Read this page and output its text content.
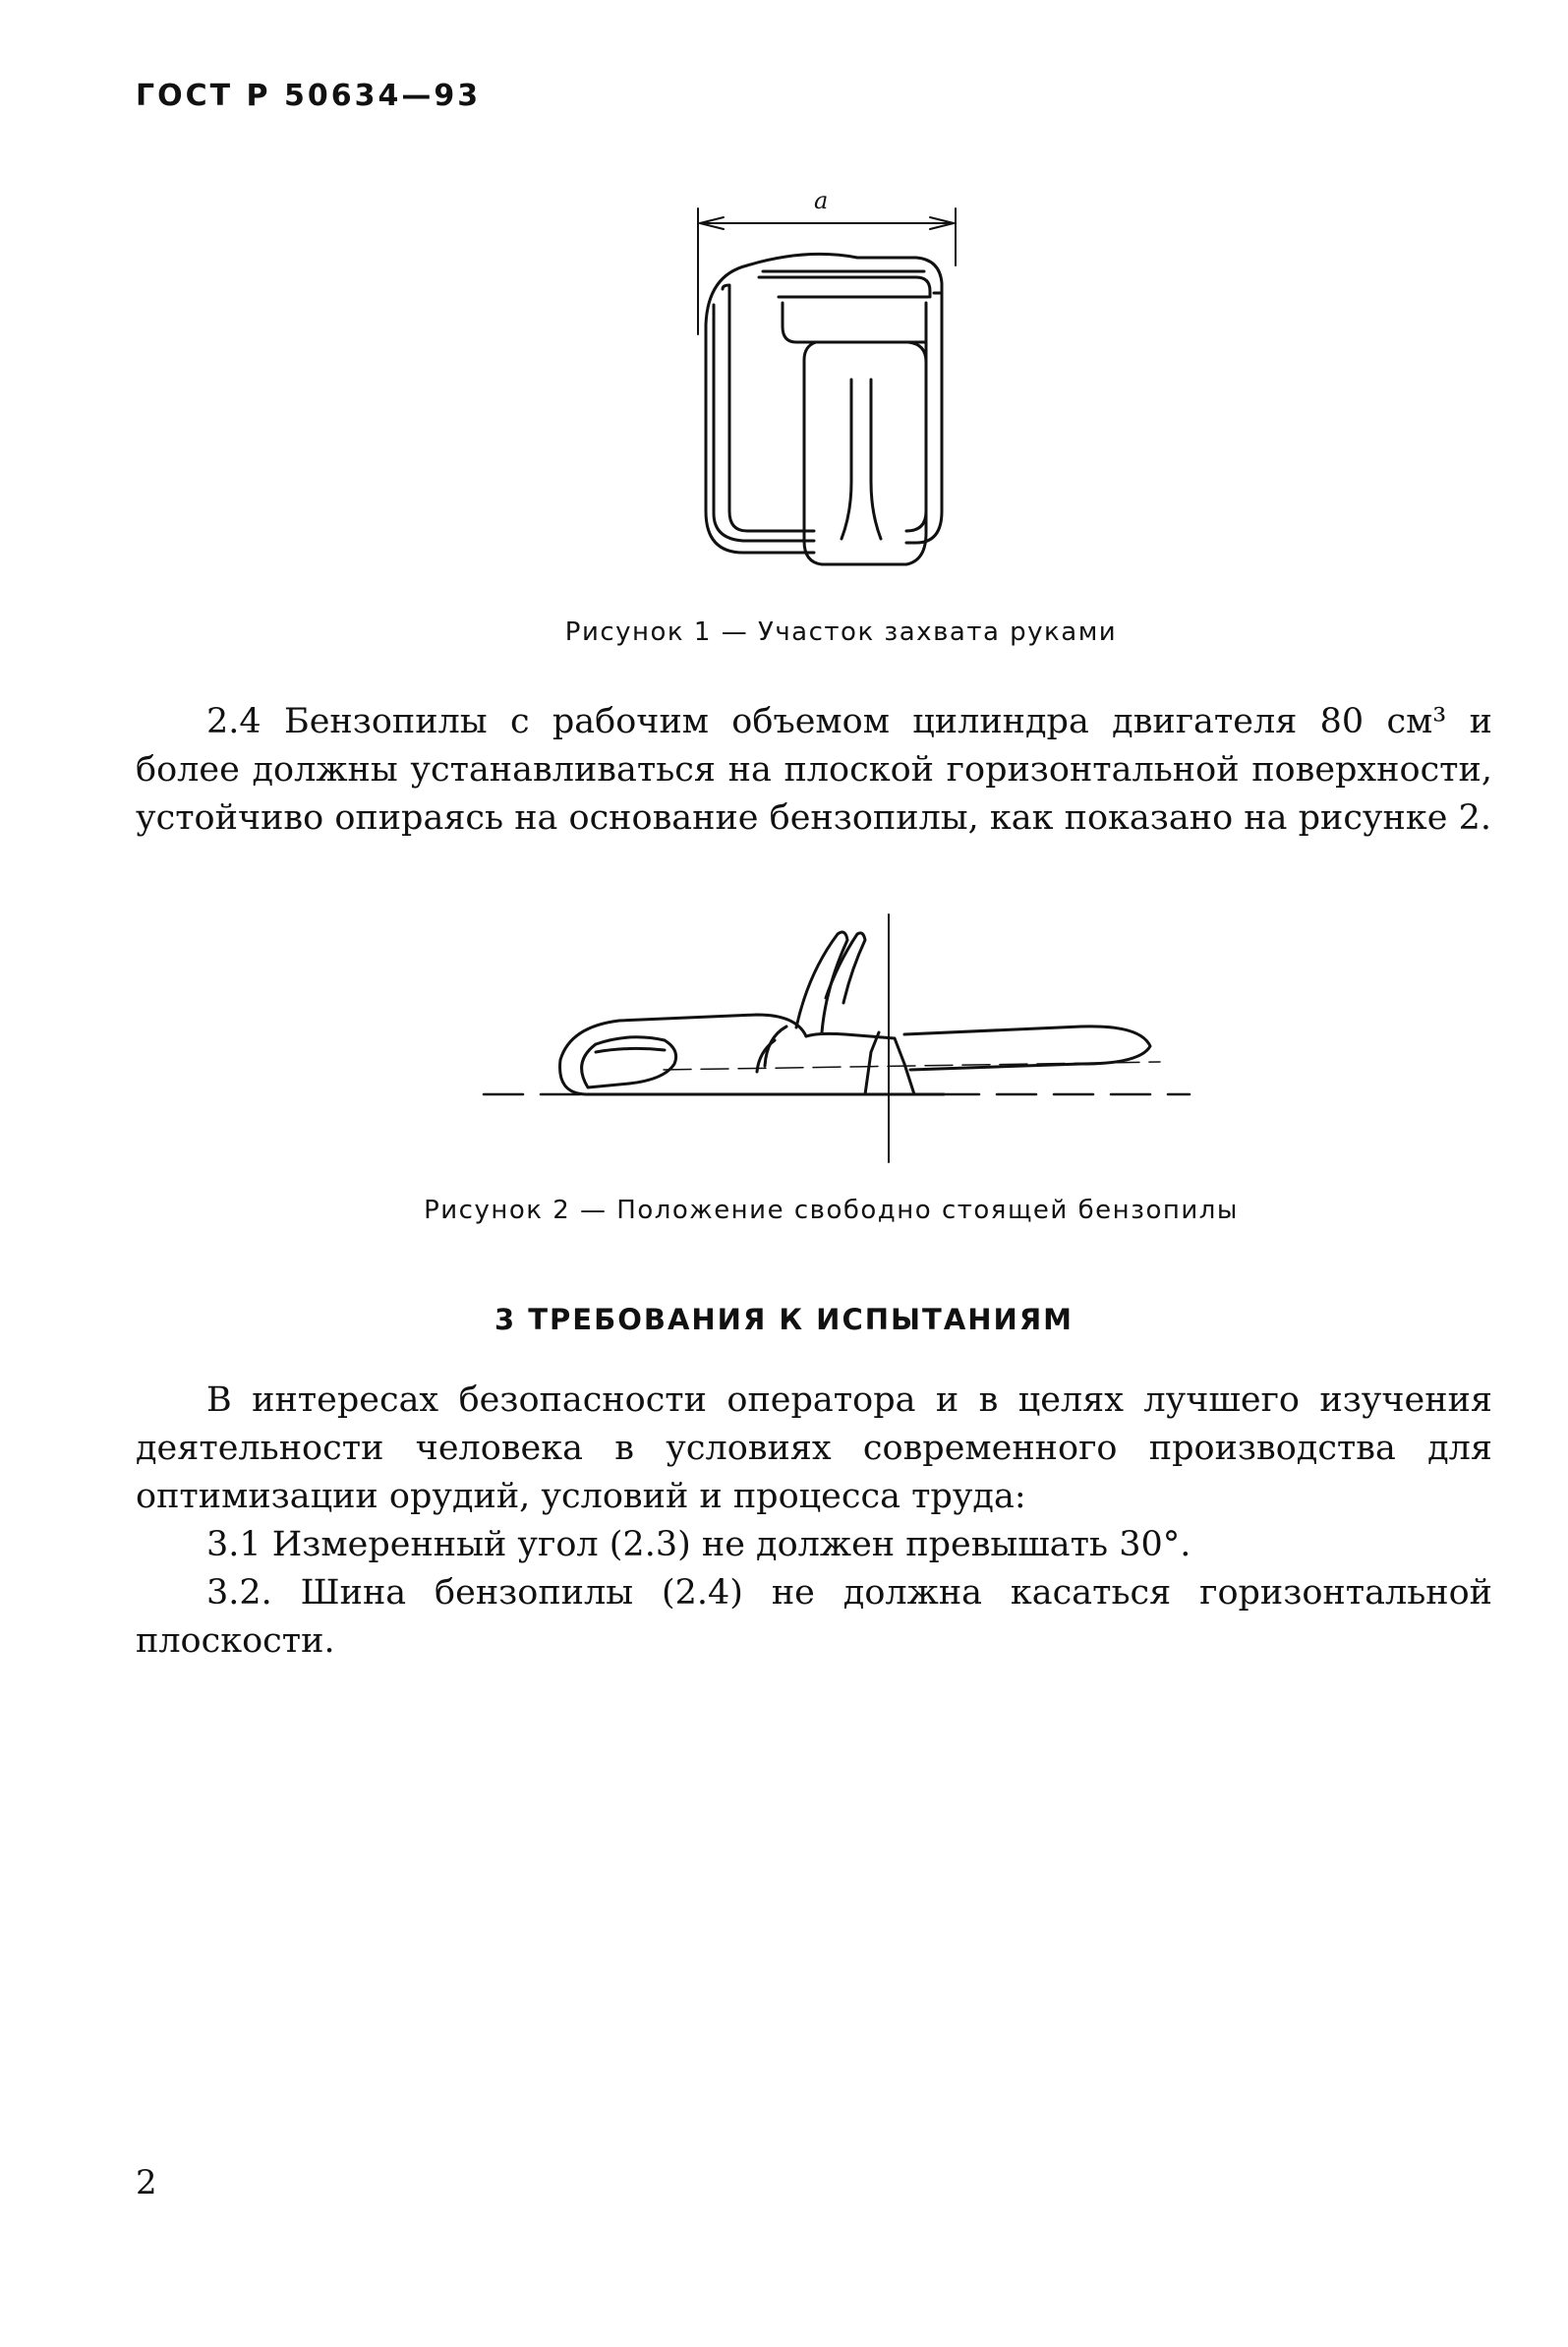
ГОСТ Р 50634—93
a
Рисунок 1 — Участок захвата руками

2.4 Бензопилы с рабочим объемом цилиндра двигателя 80 см³ и более должны устанавливаться на плоской горизонтальной поверхности, устойчиво опираясь на основание бензопилы, как показано на рисунке 2.

Рисунок 2 — Положение свободно стоящей бензопилы
3 ТРЕБОВАНИЯ К ИСПЫТАНИЯМ

В интересах безопасности оператора и в целях лучшего изучения деятельности человека в условиях современного производства для оптимизации орудий, условий и процесса труда:

3.1 Измеренный угол (2.3) не должен превышать 30°.

3.2. Шина бензопилы (2.4) не должна касаться горизонтальной плоскости.

2
